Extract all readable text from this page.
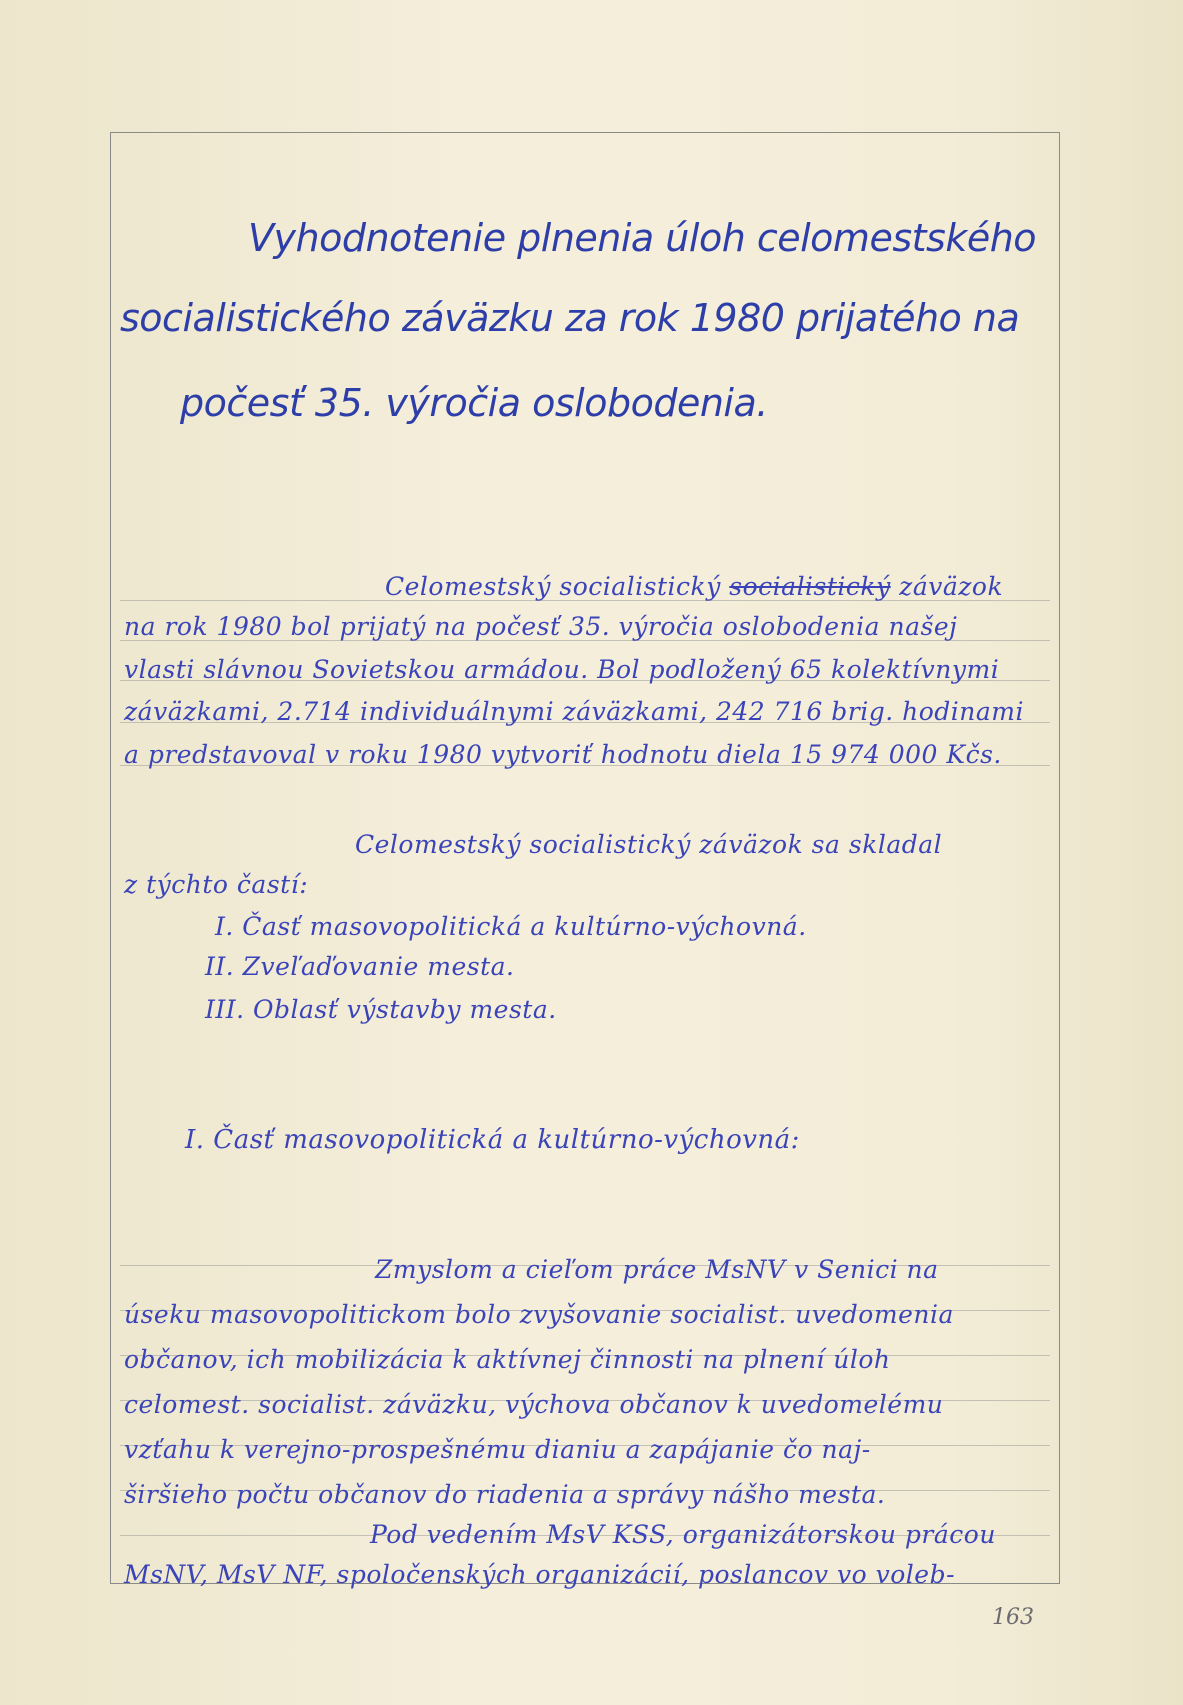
Vyhodnotenie plnenia úloh celomestského
socialistického záväzku za rok 1980 prijatého na
počesť 35. výročia oslobodenia.
Celomestský socialistický socialistický záväzok
na rok 1980 bol prijatý na počesť 35. výročia oslobodenia našej
vlasti slávnou Sovietskou armádou. Bol podložený 65 kolektívnymi
záväzkami, 2.714 individuálnymi záväzkami, 242 716 brig. hodinami
a predstavoval v roku 1980 vytvoriť hodnotu diela 15 974 000 Kčs.
Celomestský socialistický záväzok sa skladal
z týchto častí:
I. Časť masovopolitická a kultúrno-výchovná.
II. Zveľaďovanie mesta.
III. Oblasť výstavby mesta.
I. Časť masovopolitická a kultúrno-výchovná:
Zmyslom a cieľom práce MsNV v Senici na
úseku masovopolitickom bolo zvyšovanie socialist. uvedomenia
občanov, ich mobilizácia k aktívnej činnosti na plnení úloh
celomest. socialist. záväzku, výchova občanov k uvedomelému
vzťahu k verejno-prospešnému dianiu a zapájanie čo naj-
širšieho počtu občanov do riadenia a správy nášho mesta.
Pod vedením MsV KSS, organizátorskou prácou
MsNV, MsV NF, spoločenských organizácií, poslancov vo voleb-
163
